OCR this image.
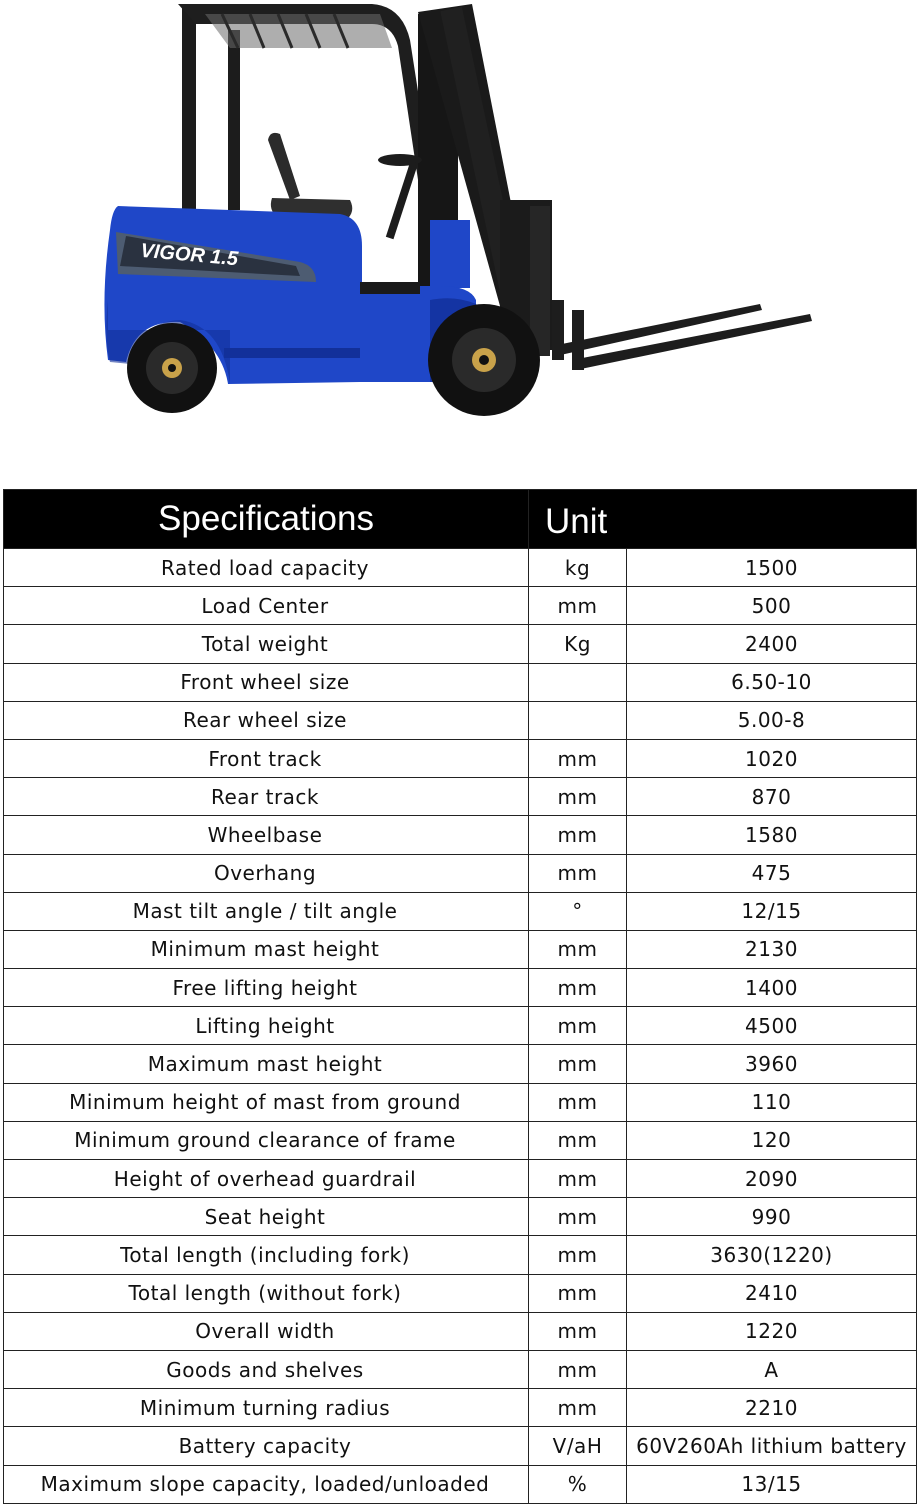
TYPHON
VIGOR 1.5
Specifications	Unit	
Rated load capacity	kg	1500
Load Center	mm	500
Total weight	Kg	2400
Front wheel size		6.50-10
Rear wheel size		5.00-8
Front track	mm	1020
Rear track	mm	870
Wheelbase	mm	1580
Overhang	mm	475
Mast tilt angle / tilt angle	°	12/15
Minimum mast height	mm	2130
Free lifting height	mm	1400
Lifting height	mm	4500
Maximum mast height	mm	3960
Minimum height of mast from ground	mm	110
Minimum ground clearance of frame	mm	120
Height of overhead guardrail	mm	2090
Seat height	mm	990
Total length (including fork)	mm	3630(1220)
Total length (without fork)	mm	2410
Overall width	mm	1220
Goods and shelves	mm	A
Minimum turning radius	mm	2210
Battery capacity	V/aH	60V260Ah lithium battery
Maximum slope capacity, loaded/unloaded	%	13/15
